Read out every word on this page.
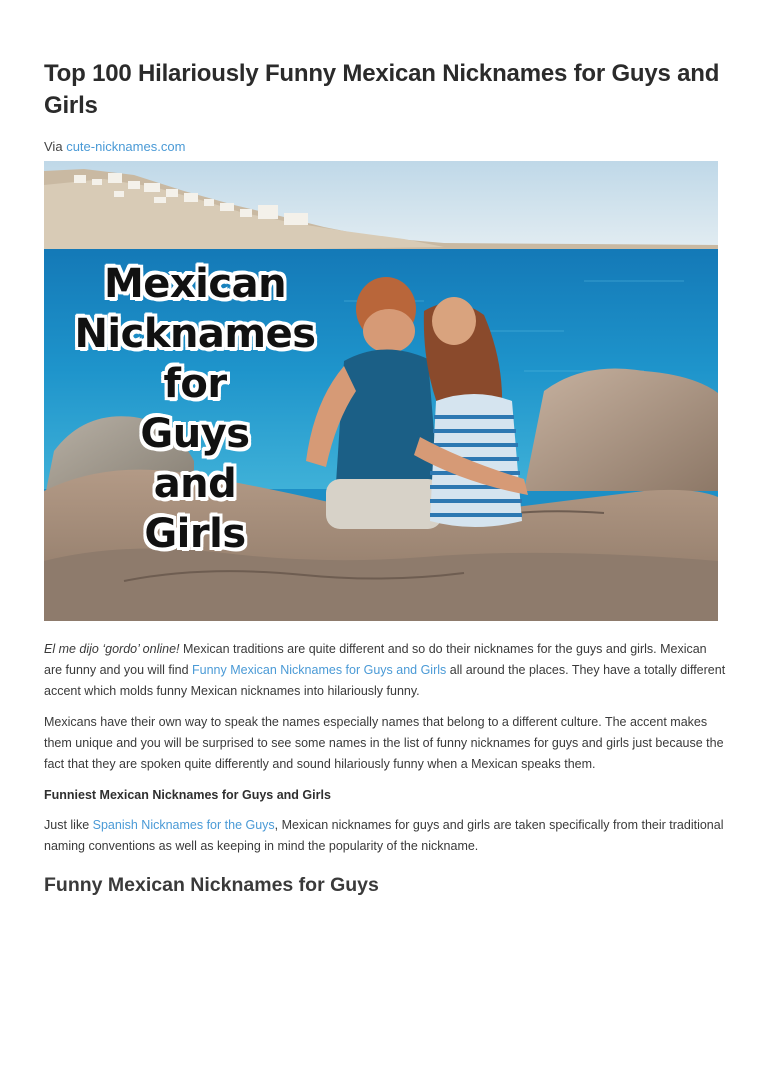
Top 100 Hilariously Funny Mexican Nicknames for Guys and Girls
Via cute-nicknames.com
Mexican
Nicknames
for
Guys
and
Girls

El me dijo ‘gordo’ online! Mexican traditions are quite different and so do their nicknames for the guys and girls. Mexican are funny and you will find Funny Mexican Nicknames for Guys and Girls all around the places. They have a totally different accent which molds funny Mexican nicknames into hilariously funny.

Mexicans have their own way to speak the names especially names that belong to a different culture. The accent makes them unique and you will be surprised to see some names in the list of funny nicknames for guys and girls just because the fact that they are spoken quite differently and sound hilariously funny when a Mexican speaks them.

Funniest Mexican Nicknames for Guys and Girls

Just like Spanish Nicknames for the Guys, Mexican nicknames for guys and girls are taken specifically from their traditional naming conventions as well as keeping in mind the popularity of the nickname.

Funny Mexican Nicknames for Guys
